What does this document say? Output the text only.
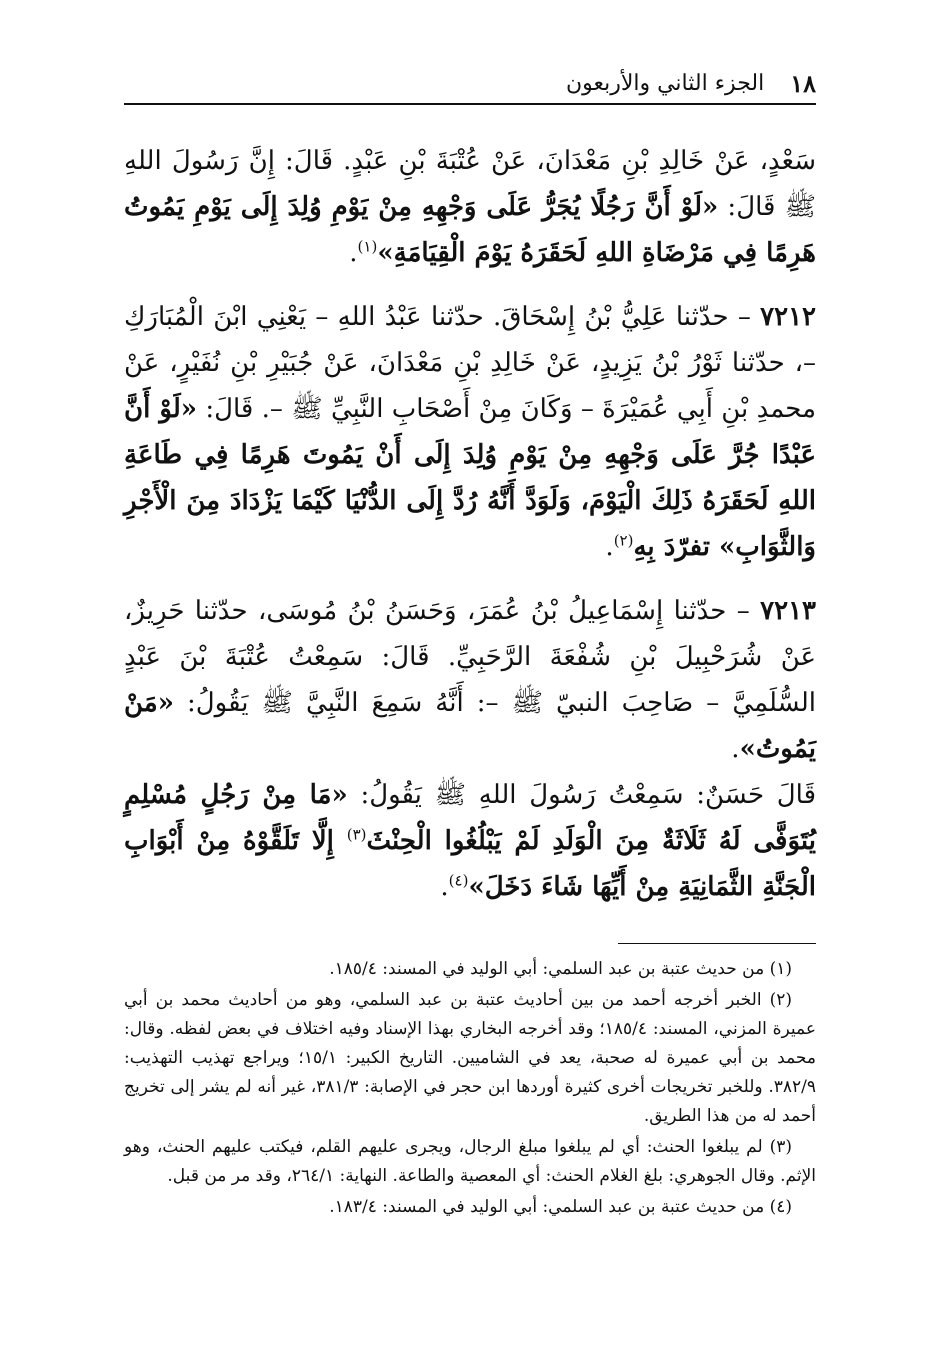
١٨
الجزء الثاني والأربعون

سَعْدٍ، عَنْ خَالِدِ بْنِ مَعْدَانَ، عَنْ عُتْبَةَ بْنِ عَبْدٍ. قَالَ: إِنَّ رَسُولَ اللهِ ﷺ قَالَ: «لَوْ أَنَّ رَجُلًا يُجَرُّ عَلَى وَجْهِهِ مِنْ يَوْمِ وُلِدَ إِلَى يَوْمِ يَمُوتُ هَرِمًا فِي مَرْضَاةِ اللهِ لَحَقَرَهُ يَوْمَ الْقِيَامَةِ»$^{(١)}$.

٧٢١٢ – حدّثنا عَلِيُّ بْنُ إِسْحَاقَ. حدّثنا عَبْدُ اللهِ – يَعْنِي ابْنَ الْمُبَارَكِ –، حدّثنا ثَوْرُ بْنُ يَزِيدٍ، عَنْ خَالِدِ بْنِ مَعْدَانَ، عَنْ جُبَيْرِ بْنِ نُفَيْرٍ، عَنْ محمدِ بْنِ أَبِي عُمَيْرَةَ – وَكَانَ مِنْ أَصْحَابِ النَّبِيِّ ﷺ –. قَالَ: «لَوْ أَنَّ عَبْدًا جُرَّ عَلَى وَجْهِهِ مِنْ يَوْمِ وُلِدَ إِلَى أَنْ يَمُوتَ هَرِمًا فِي طَاعَةِ اللهِ لَحَقَرَهُ ذَلِكَ الْيَوْمَ، وَلَوَدَّ أَنَّهُ رُدَّ إِلَى الدُّنْيَا كَيْمَا يَزْدَادَ مِنَ الْأَجْرِ وَالثَّوَابِ» تفرّدَ بِهِ$^{(٢)}$.

٧٢١٣ – حدّثنا إِسْمَاعِيلُ بْنُ عُمَرَ، وَحَسَنُ بْنُ مُوسَى، حدّثنا حَرِيزٌ، عَنْ شُرَحْبِيلَ بْنِ شُفْعَةَ الرَّحَبِيِّ. قَالَ: سَمِعْتُ عُتْبَةَ بْنَ عَبْدٍ السُّلَمِيَّ – صَاحِبَ النبيّ ﷺ –: أَنَّهُ سَمِعَ النَّبِيَّ ﷺ يَقُولُ: «مَنْ يَمُوتُ».

قَالَ حَسَنٌ: سَمِعْتُ رَسُولَ اللهِ ﷺ يَقُولُ: «مَا مِنْ رَجُلٍ مُسْلِمٍ يُتَوَفَّى لَهُ ثَلَاثَةٌ مِنَ الْوَلَدِ لَمْ يَبْلُغُوا الْحِنْثَ$^{(٣)}$ إِلَّا تَلَقَّوْهُ مِنْ أَبْوَابِ الْجَنَّةِ الثَّمَانِيَةِ مِنْ أَيِّهَا شَاءَ دَخَلَ»$^{(٤)}$.

(١) من حديث عتبة بن عبد السلمي: أبي الوليد في المسند: ١٨٥/٤.

(٢) الخبر أخرجه أحمد من بين أحاديث عتبة بن عبد السلمي، وهو من أحاديث محمد بن أبي عميرة المزني، المسند: ١٨٥/٤؛ وقد أخرجه البخاري بهذا الإسناد وفيه اختلاف في بعض لفظه. وقال: محمد بن أبي عميرة له صحبة، يعد في الشاميين. التاريخ الكبير: ١٥/١؛ ويراجع تهذيب التهذيب: ٣٨٢/٩. وللخبر تخريجات أخرى كثيرة أوردها ابن حجر في الإصابة: ٣٨١/٣، غير أنه لم يشر إلى تخريج أحمد له من هذا الطريق.

(٣) لم يبلغوا الحنث: أي لم يبلغوا مبلغ الرجال، ويجرى عليهم القلم، فيكتب عليهم الحنث، وهو الإثم. وقال الجوهري: بلغ الغلام الحنث: أي المعصية والطاعة. النهاية: ٢٦٤/١، وقد مر من قبل.

(٤) من حديث عتبة بن عبد السلمي: أبي الوليد في المسند: ١٨٣/٤.
